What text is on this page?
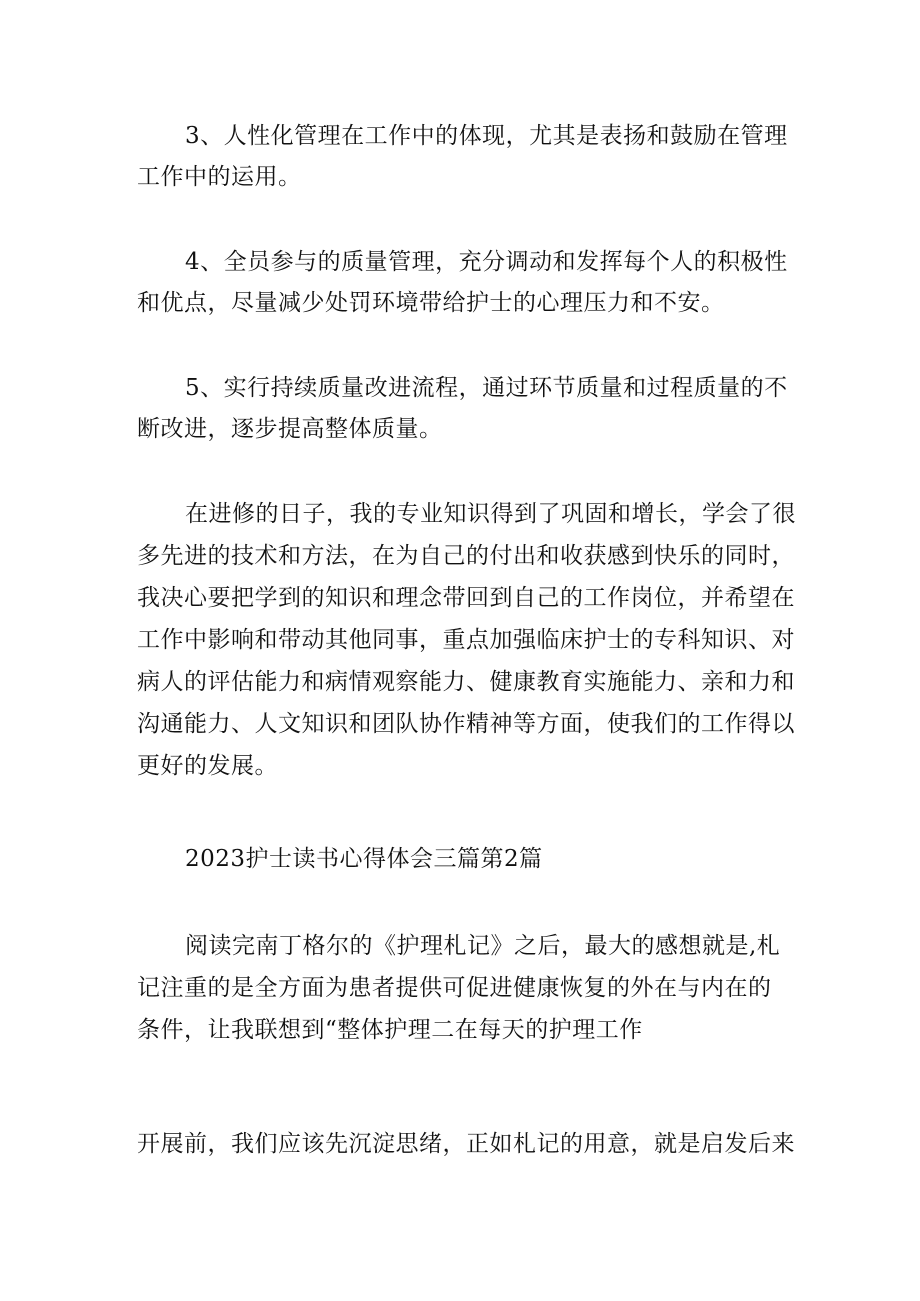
3、人性化管理在工作中的体现，尤其是表扬和鼓励在管理
工作中的运用。
4、全员参与的质量管理，充分调动和发挥每个人的积极性
和优点，尽量减少处罚环境带给护士的心理压力和不安。
5、实行持续质量改进流程，通过环节质量和过程质量的不
断改进，逐步提高整体质量。
在进修的日子，我的专业知识得到了巩固和增长，学会了很
多先进的技术和方法，在为自己的付出和收获感到快乐的同时，
我决心要把学到的知识和理念带回到自己的工作岗位，并希望在
工作中影响和带动其他同事，重点加强临床护士的专科知识、对
病人的评估能力和病情观察能力、健康教育实施能力、亲和力和
沟通能力、人文知识和团队协作精神等方面，使我们的工作得以
更好的发展。
2023护士读书心得体会三篇第2篇
阅读完南丁格尔的《护理札记》之后，最大的感想就是,札
记注重的是全方面为患者提供可促进健康恢复的外在与内在的
条件，让我联想到“整体护理二在每天的护理工作
开展前，我们应该先沉淀思绪，正如札记的用意，就是启发后来
